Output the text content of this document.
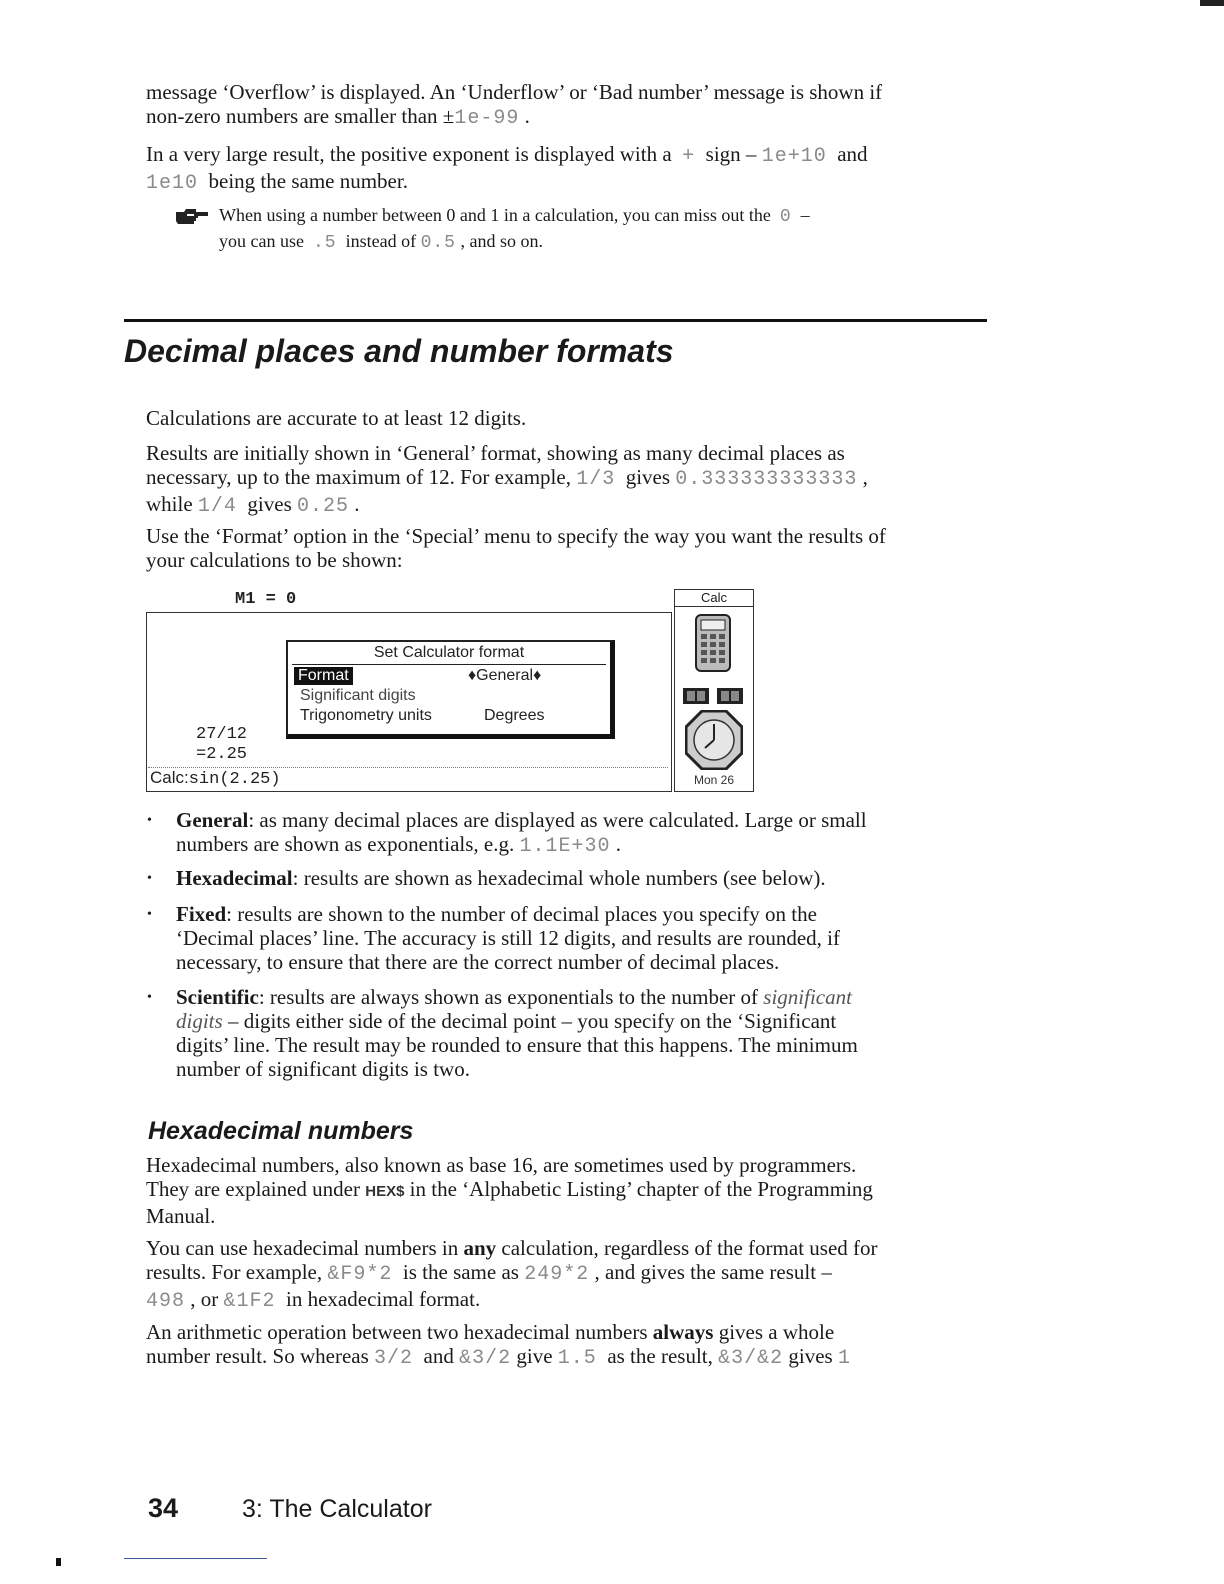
message ‘Overflow’ is displayed. An ‘Underflow’ or ‘Bad number’ message is shown if
non-zero numbers are smaller than ±1e-99 .
In a very large result, the positive exponent is displayed with a + sign – 1e+10 and
1e10 being the same number.
When using a number between 0 and 1 in a calculation, you can miss out the 0 –
you can use .5 instead of 0.5 , and so on.
Decimal places and number formats
Calculations are accurate to at least 12 digits.
Results are initially shown in ‘General’ format, showing as many decimal places as
necessary, up to the maximum of 12. For example, 1/3 gives 0.333333333333 ,
while 1/4 gives 0.25 .
Use the ‘Format’ option in the ‘Special’ menu to specify the way you want the results of
your calculations to be shown:
M1 = 0
Set Calculator format
Format	♦General♦
Significant digits
Trigonometry units	Degrees
27/12
=2.25
Calc:sin(2.25)
Calc
Mon 26
• General: as many decimal places are displayed as were calculated. Large or small
numbers are shown as exponentials, e.g. 1.1E+30 .
• Hexadecimal: results are shown as hexadecimal whole numbers (see below).
• Fixed: results are shown to the number of decimal places you specify on the
‘Decimal places’ line. The accuracy is still 12 digits, and results are rounded, if
necessary, to ensure that there are the correct number of decimal places.
• Scientific: results are always shown as exponentials to the number of significant
digits – digits either side of the decimal point – you specify on the ‘Significant
digits’ line. The result may be rounded to ensure that this happens. The minimum
number of significant digits is two.
Hexadecimal numbers
Hexadecimal numbers, also known as base 16, are sometimes used by programmers.
They are explained under HEX$ in the ‘Alphabetic Listing’ chapter of the Programming
Manual.
You can use hexadecimal numbers in any calculation, regardless of the format used for
results. For example, &F9*2 is the same as 249*2 , and gives the same result –
498 , or &1F2 in hexadecimal format.
An arithmetic operation between two hexadecimal numbers always gives a whole
number result. So whereas 3/2 and &3/2 give 1.5 as the result, &3/&2 gives 1
34	3: The Calculator
